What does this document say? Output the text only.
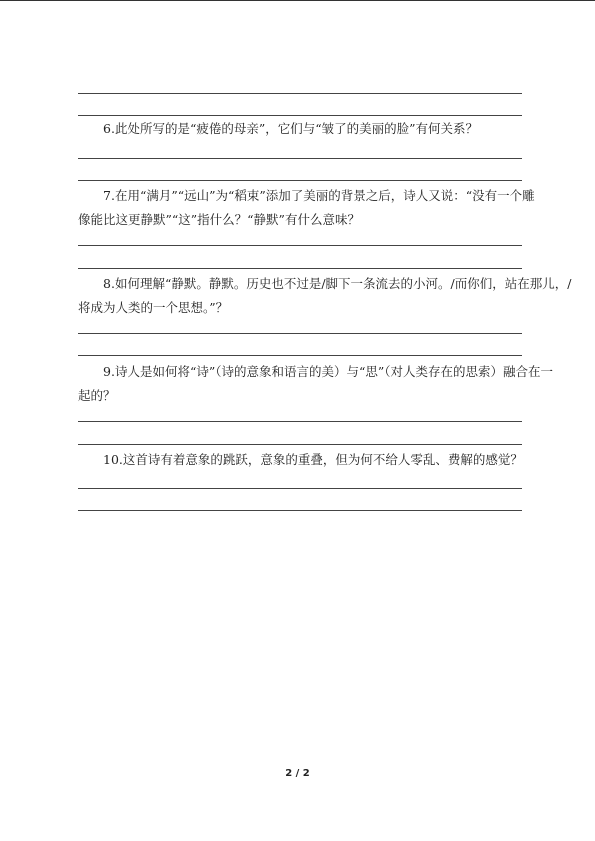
6.此处所写的是“疲倦的母亲”，它们与“皱了的美丽的脸”有何关系？
7.在用“满月”“远山”为“稻束”添加了美丽的背景之后，诗人又说：“没有一个雕
像能比这更静默”“这”指什么？“静默”有什么意味？
8.如何理解“静默。静默。历史也不过是/脚下一条流去的小河。/而你们，站在那儿，/
将成为人类的一个思想。”？
9.诗人是如何将“诗”（诗的意象和语言的美）与“思”（对人类存在的思索）融合在一
起的？
10.这首诗有着意象的跳跃，意象的重叠，但为何不给人零乱、费解的感觉？
2 / 2
